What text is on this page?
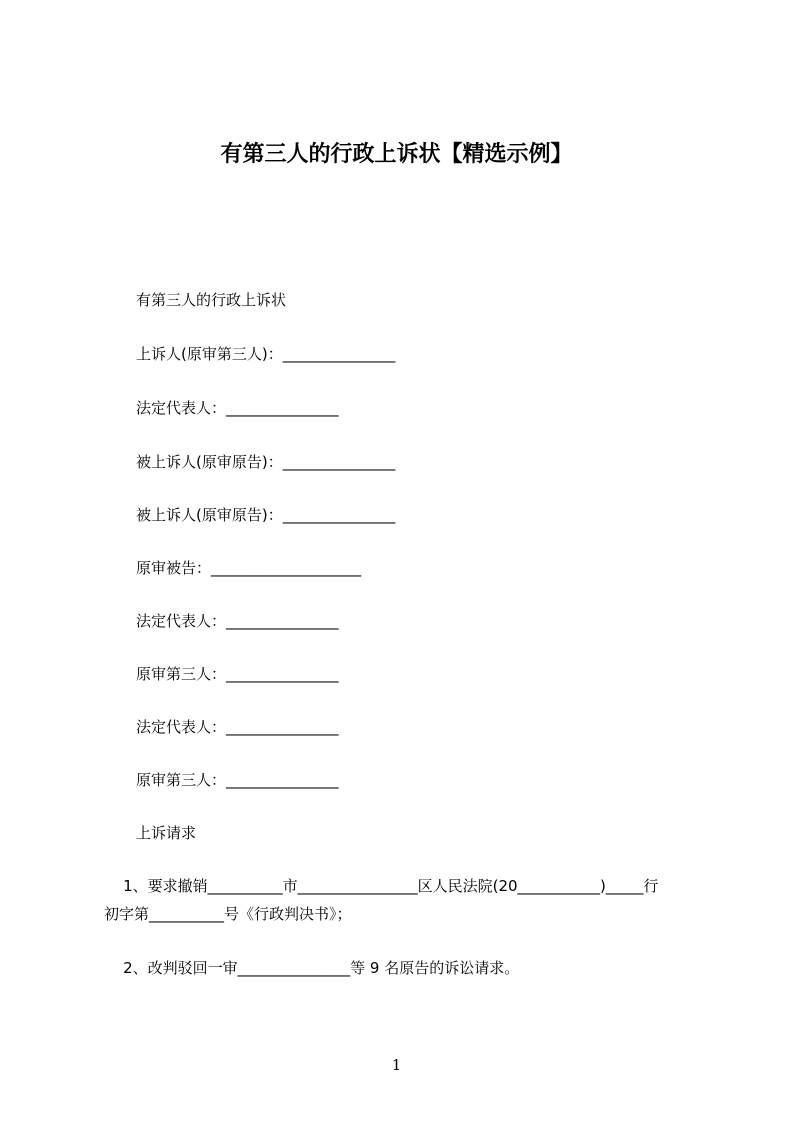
有第三人的行政上诉状【精选示例】
有第三人的行政上诉状
上诉人(原审第三人)：_______________
法定代表人：_______________
被上诉人(原审原告)：_______________
被上诉人(原审原告)：_______________
原审被告：____________________
法定代表人：_______________
原审第三人：_______________
法定代表人：_______________
原审第三人：_______________
上诉请求
1、要求撤销__________市________________区人民法院(20___________)_____行
初字第__________号《行政判决书》；
2、改判驳回一审_______________等 9 名原告的诉讼请求。
1
